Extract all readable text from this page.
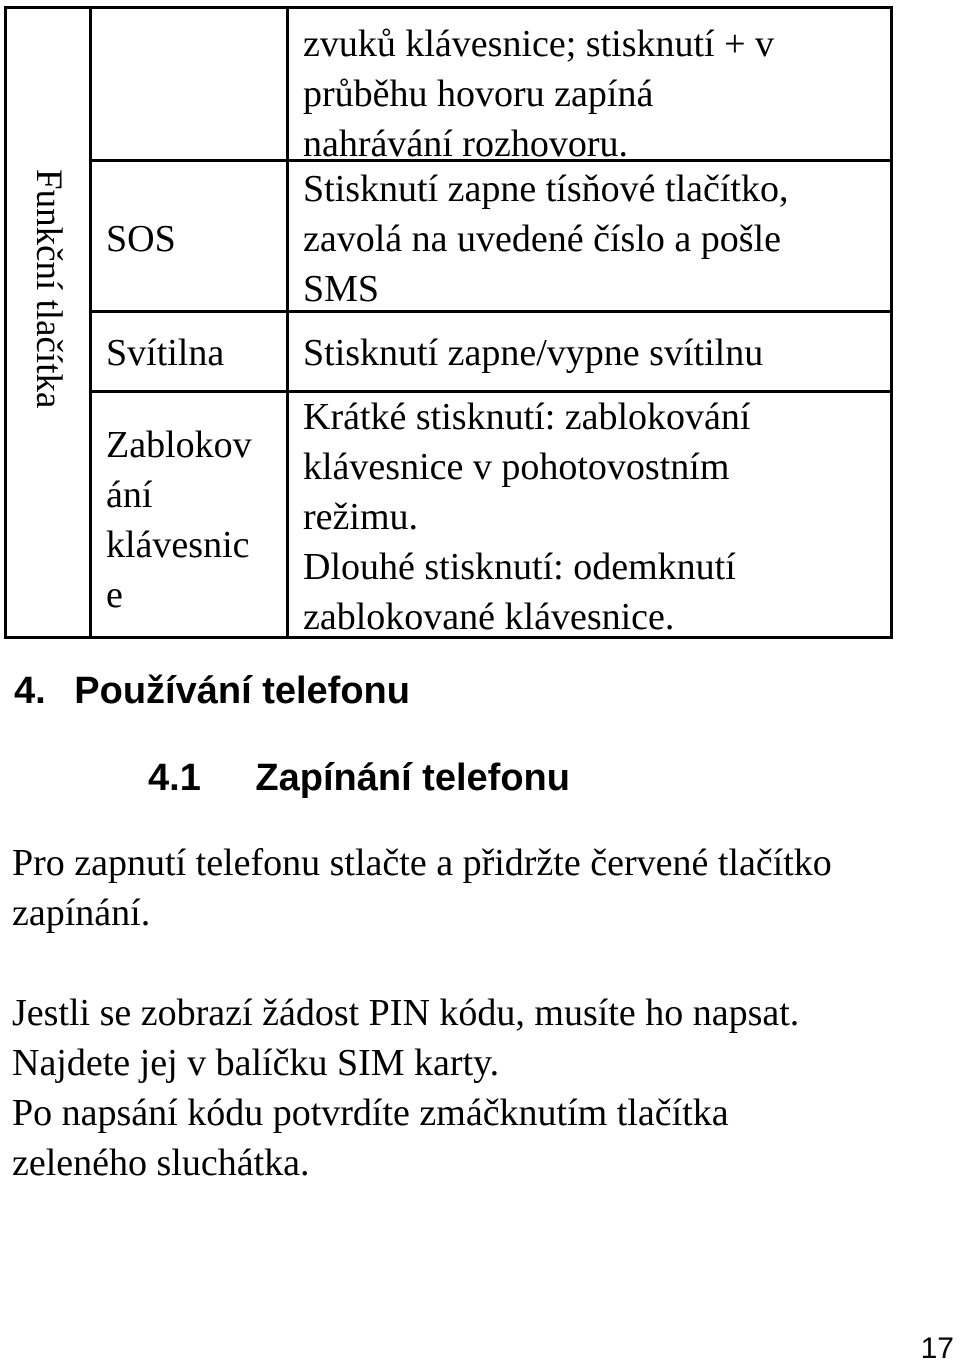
Funkční tlačítka
zvuků klávesnice; stisknutí + v
průběhu hovoru zapíná
nahrávání rozhovoru.
SOS
Stisknutí zapne tísňové tlačítko,
zavolá na uvedené číslo a pošle
SMS
Svítilna Stisknutí zapne/vypne svítilnu
Zablokov
ání
klávesnic
e
Krátké stisknutí: zablokování
klávesnice v pohotovostním
režimu.
Dlouhé stisknutí: odemknutí
zablokované klávesnice.
4. Používání telefonu
4.1 Zapínání telefonu
Pro zapnutí telefonu stlačte a přidržte červené tlačítko
zapínání.
Jestli se zobrazí žádost PIN kódu, musíte ho napsat.
Najdete jej v balíčku SIM karty.
Po napsání kódu potvrdíte zmáčknutím tlačítka
zeleného sluchátka.
17
